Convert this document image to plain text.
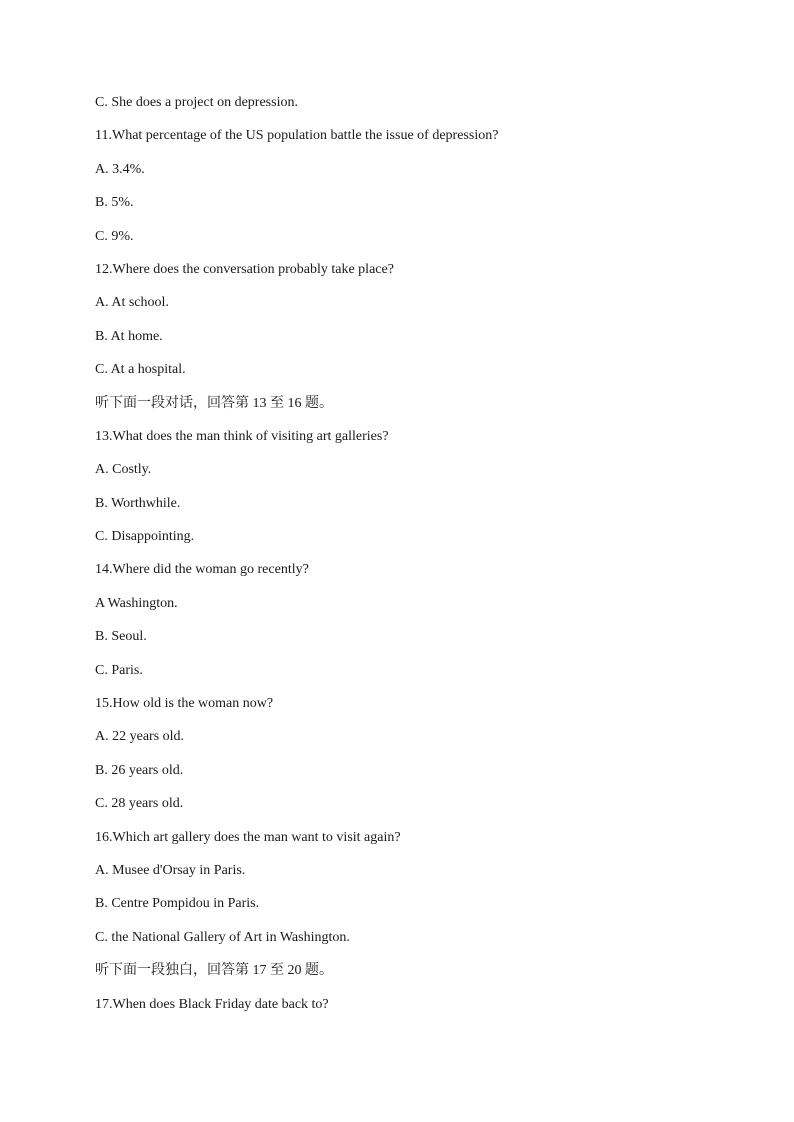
C. She does a project on depression.
11.What percentage of the US population battle the issue of depression?
A. 3.4%.
B. 5%.
C. 9%.
12.Where does the conversation probably take place?
A. At school.
B. At home.
C. At a hospital.
听下面一段对话，回答第 13 至 16 题。
13.What does the man think of visiting art galleries?
A. Costly.
B. Worthwhile.
C. Disappointing.
14.Where did the woman go recently?
A Washington.
B. Seoul.
C. Paris.
15.How old is the woman now?
A. 22 years old.
B. 26 years old.
C. 28 years old.
16.Which art gallery does the man want to visit again?
A. Musee d'Orsay in Paris.
B. Centre Pompidou in Paris.
C. the National Gallery of Art in Washington.
听下面一段独白，回答第 17 至 20 题。
17.When does Black Friday date back to?
